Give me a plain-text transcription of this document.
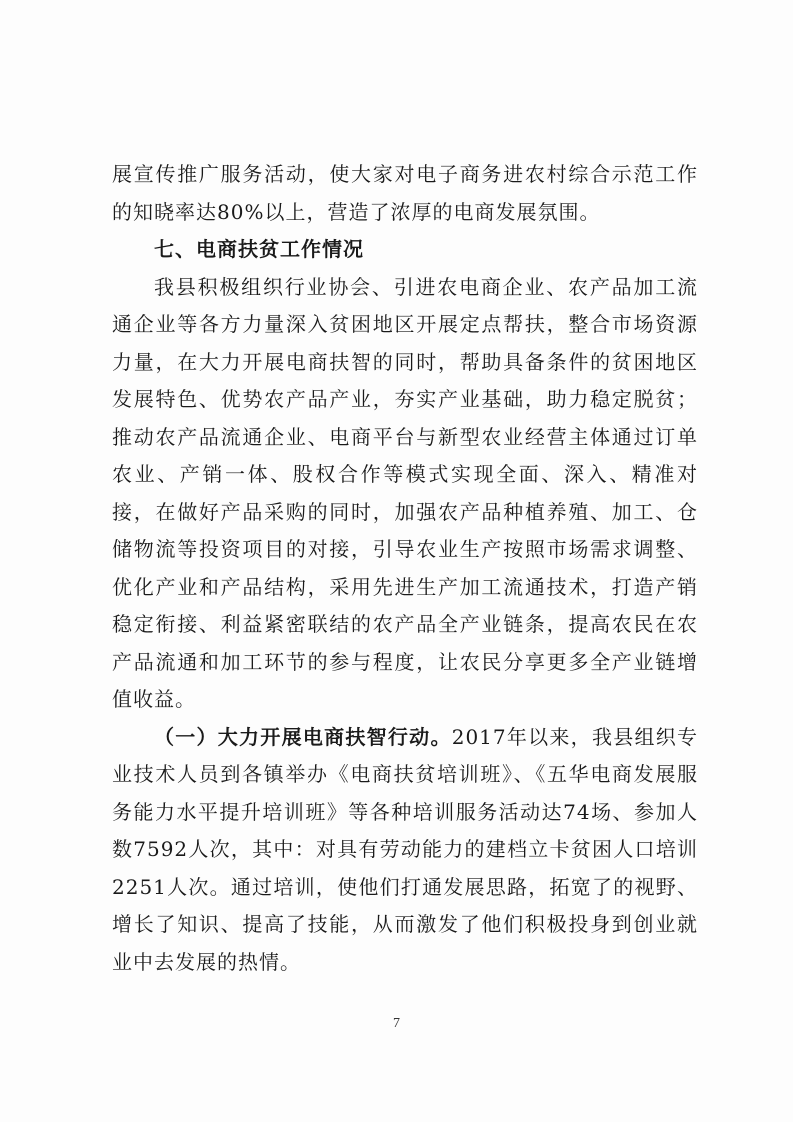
展宣传推广服务活动，使大家对电子商务进农村综合示范工作的知晓率达80%以上，营造了浓厚的电商发展氛围。

七、电商扶贫工作情况

我县积极组织行业协会、引进农电商企业、农产品加工流通企业等各方力量深入贫困地区开展定点帮扶，整合市场资源力量，在大力开展电商扶智的同时，帮助具备条件的贫困地区发展特色、优势农产品产业，夯实产业基础，助力稳定脱贫；推动农产品流通企业、电商平台与新型农业经营主体通过订单农业、产销一体、股权合作等模式实现全面、深入、精准对接，在做好产品采购的同时，加强农产品种植养殖、加工、仓储物流等投资项目的对接，引导农业生产按照市场需求调整、优化产业和产品结构，采用先进生产加工流通技术，打造产销稳定衔接、利益紧密联结的农产品全产业链条，提高农民在农产品流通和加工环节的参与程度，让农民分享更多全产业链增值收益。

（一）大力开展电商扶智行动。2017年以来，我县组织专业技术人员到各镇举办《电商扶贫培训班》、《五华电商发展服务能力水平提升培训班》等各种培训服务活动达74场、参加人数7592人次，其中：对具有劳动能力的建档立卡贫困人口培训2251人次。通过培训，使他们打通发展思路，拓宽了的视野、增长了知识、提高了技能，从而激发了他们积极投身到创业就业中去发展的热情。

7
